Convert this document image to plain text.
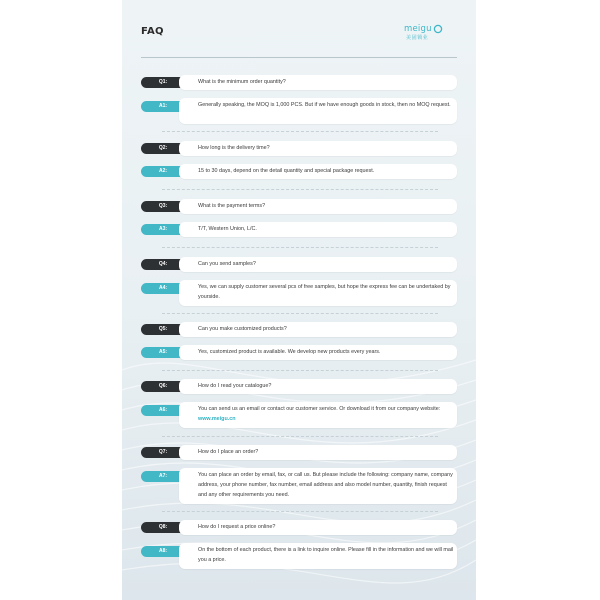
FAQ	meigu
美固锁业
Q1:	What is the minimum order quantity?
A1:	Generally speaking, the MOQ is 1,000 PCS. But if we have enough goods in stock, then no MOQ request.
Q2:	How long is the delivery time?
A2:	15 to 30 days, depend on the detail quantity and special package request.
Q3:	What is the payment terms?
A3:	T/T, Western Union, L/C.
Q4:	Can you send samples?
A4:	Yes, we can supply customer several pcs of free samples, but hope the express fee can be undertaked by yourside.
Q5:	Can you make customized products?
A5:	Yes, customized product is available. We develop new products every years.
Q6:	How do I read your catalogue?
A6:	You can send us an email or contact our customer service. Or download it from our company website: www.meigu.cn
Q7:	How do I place an order?
A7:	You can place an order by email, fax, or call us. But please include the following: company name, company address, your phone number, fax number, email address and also model number, quantity, finish request and any other requirements you need.
Q8:	How do I request a price online?
A8:	On the bottom of each product, there is a link to inquire online. Please fill in the information and we will mail you a price.
